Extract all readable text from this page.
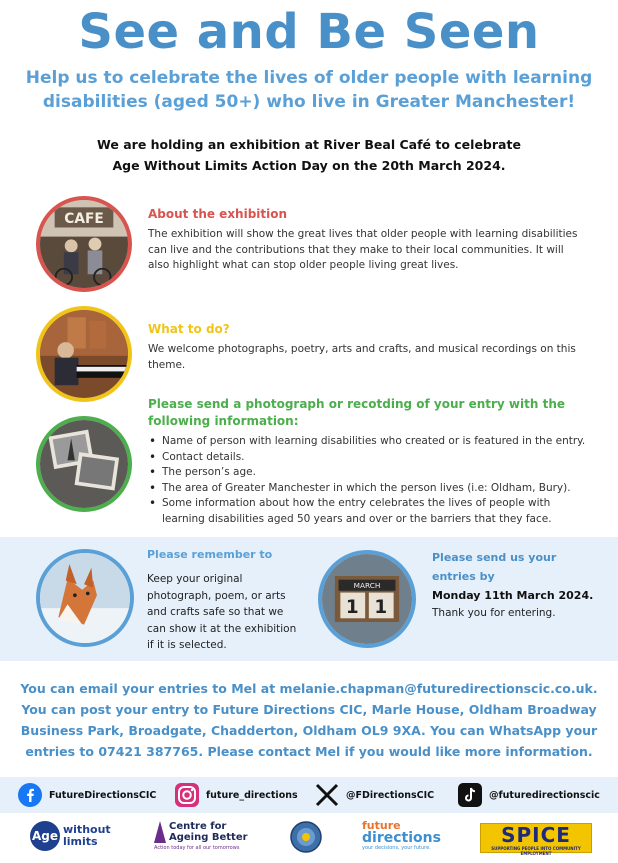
See and Be Seen
Help us to celebrate the lives of older people with learning
disabilities (aged 50+) who live in Greater Manchester!
We are holding an exhibition at River Beal Café to celebrate
Age Without Limits Action Day on the 20th March 2024.
CAFE	About the exhibition
The exhibition will show the great lives that older people with learning disabilities can live and the contributions that they make to their local communities. It will also highlight what can stop older people living great lives.
What to do?
We welcome photographs, poetry, arts and crafts, and musical recordings on this theme.
Please send a photograph or recotding of your entry with the following information:
• Name of person with learning disabilities who created or is featured in the entry.
• Contact details.
• The person’s age.
• The area of Greater Manchester in which the person lives (i.e: Oldham, Bury).
• Some information about how the entry celebrates the lives of people with learning disabilities aged 50 years and over or the barriers that they face.
Please remember to
Keep your original photograph, poem, or arts and crafts safe so that we can show it at the exhibition if it is selected.
MARCH
1 1
Please send us your
entries by
Monday 11th March 2024.
Thank you for entering.
You can email your entries to Mel at melanie.chapman@futuredirectionscic.co.uk.
You can post your entry to Future Directions CIC, Marle House, Oldham Broadway
Business Park, Broadgate, Chadderton, Oldham OL9 9XA. You can WhatsApp your
entries to 07421 387765. Please contact Mel if you would like more information.
FutureDirectionsCIC	future_directions	@FDirectionsCIC	@futuredirectionscic
Age without
limits
Centre for
Ageing Better
Action today for all our tomorrows
future
directions
your decisions, your future.
SPICE
SUPPORTING PEOPLE INTO COMMUNITY EMPLOYMENT
